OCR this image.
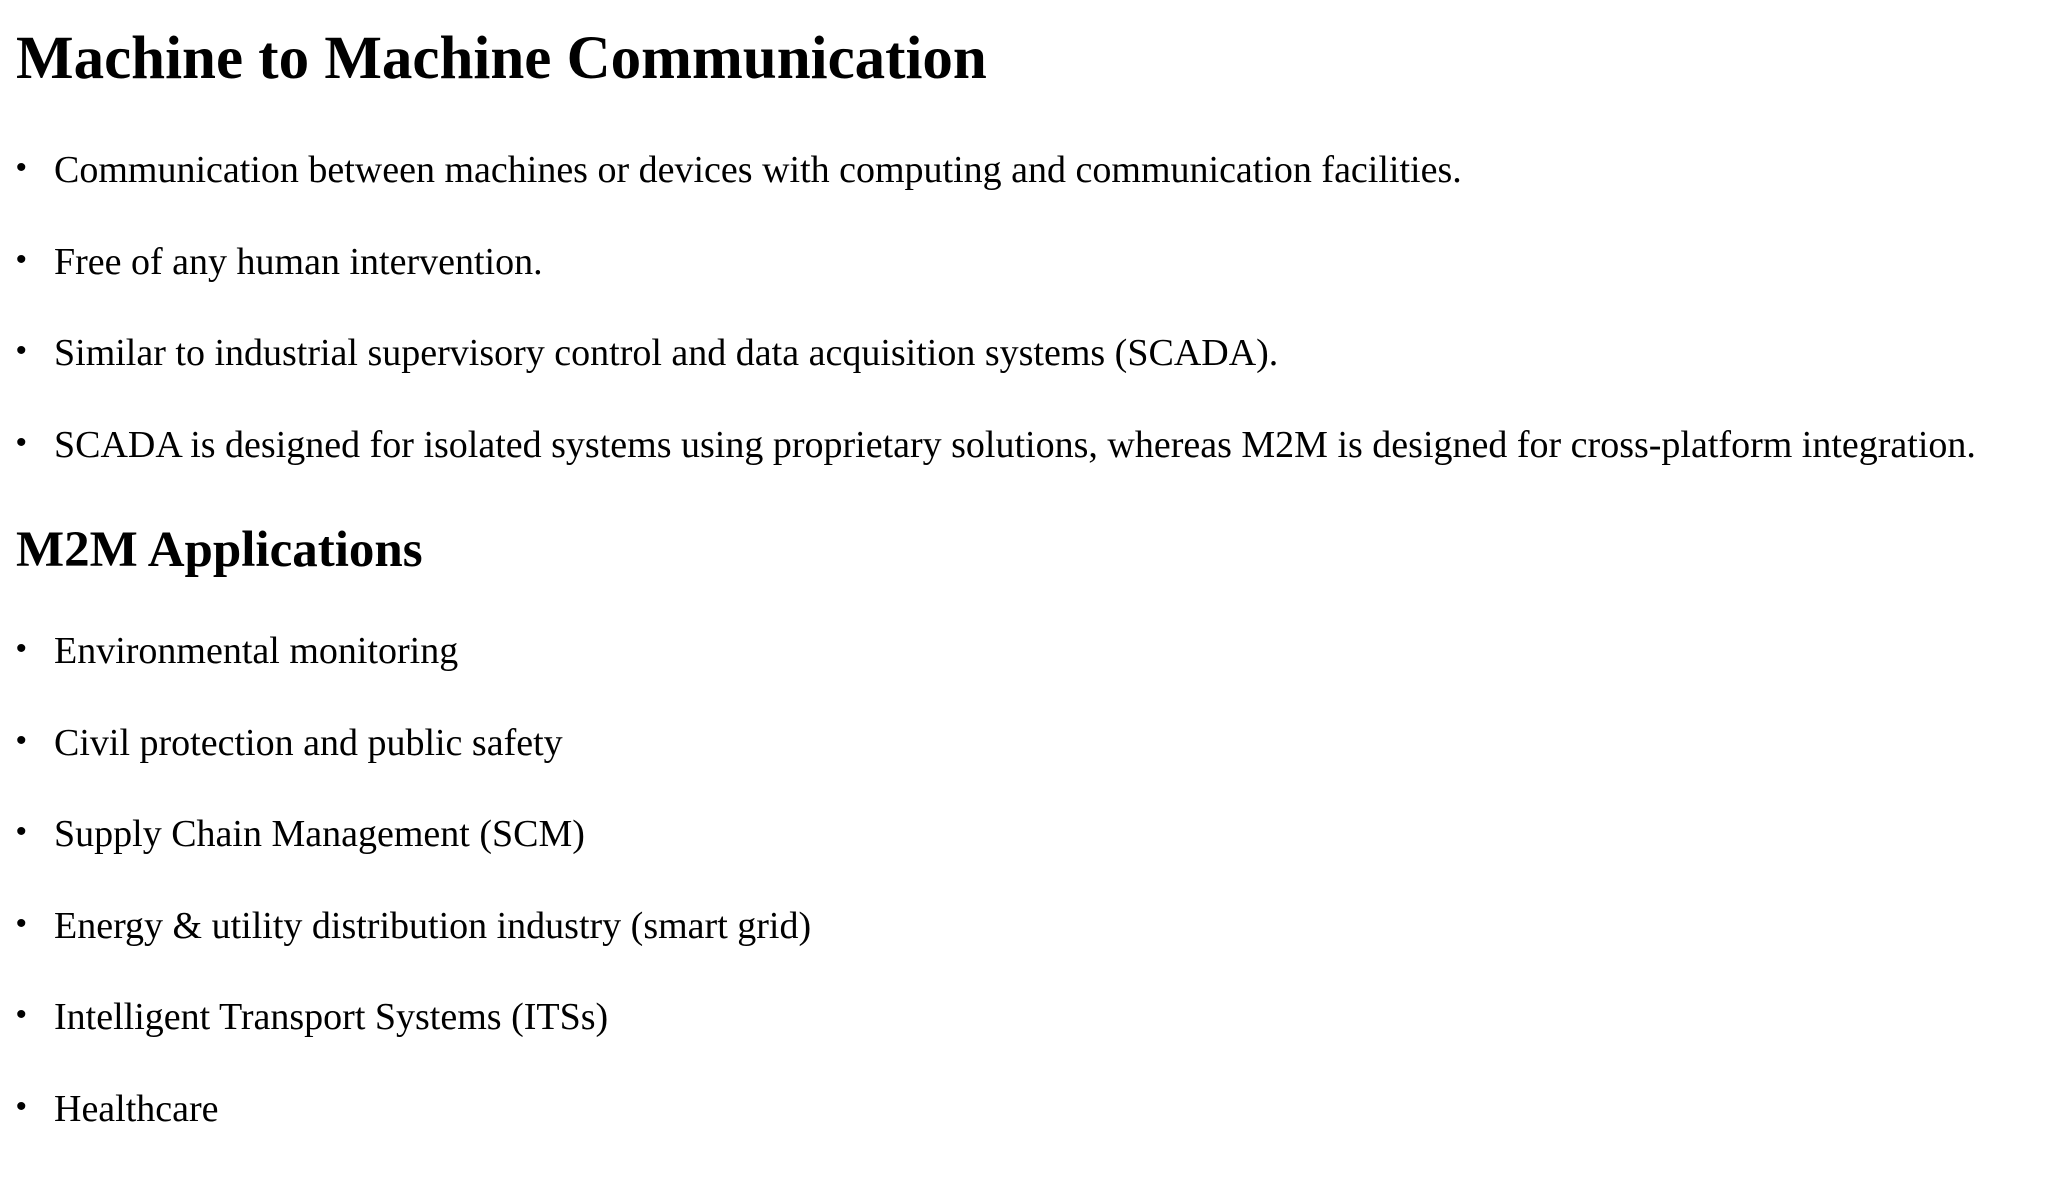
Machine to Machine Communication
• Communication between machines or devices with computing and communication facilities.
• Free of any human intervention.
• Similar to industrial supervisory control and data acquisition systems (SCADA).
• SCADA is designed for isolated systems using proprietary solutions, whereas M2M is designed for cross-platform integration.
M2M Applications
• Environmental monitoring
• Civil protection and public safety
• Supply Chain Management (SCM)
• Energy & utility distribution industry (smart grid)
• Intelligent Transport Systems (ITSs)
• Healthcare
